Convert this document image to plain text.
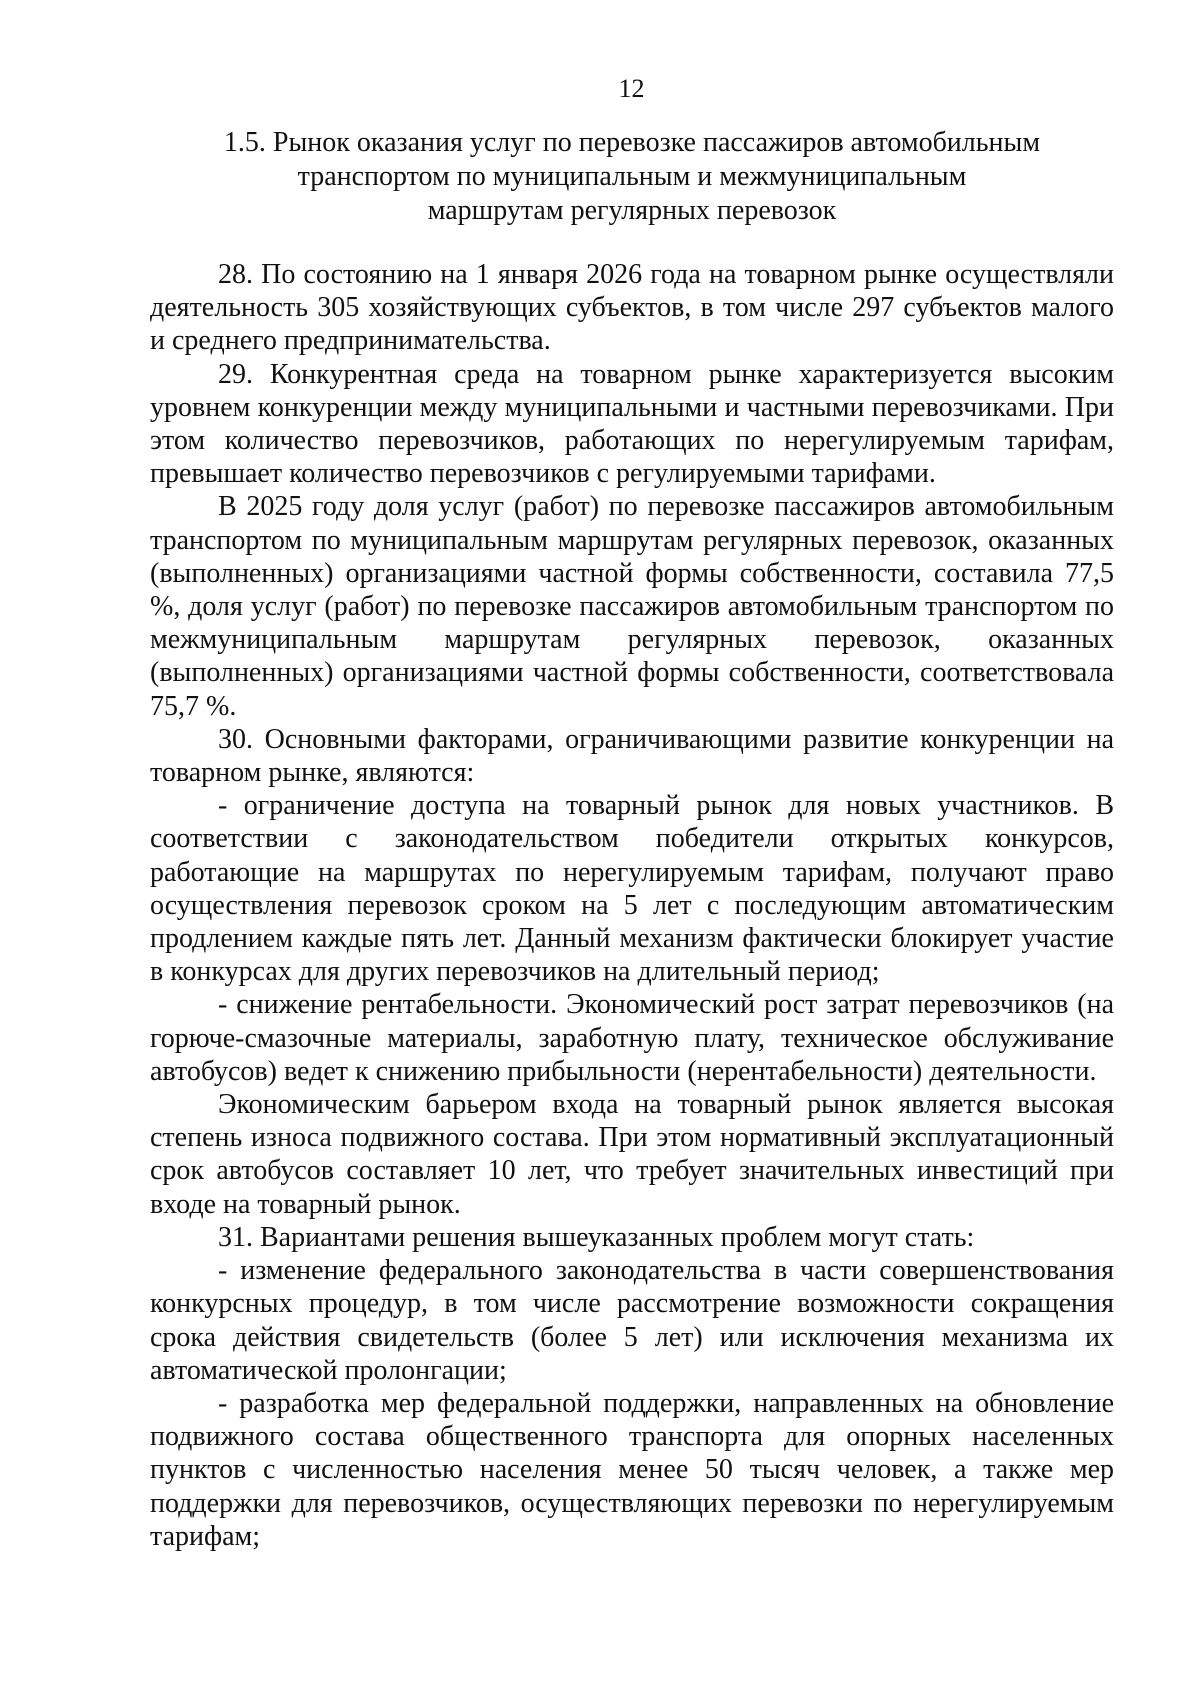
12
1.5. Рынок оказания услуг по перевозке пассажиров автомобильным
транспортом по муниципальным и межмуниципальным
маршрутам регулярных перевозок

28. По состоянию на 1 января 2026 года на товарном рынке осуществляли деятельность 305 хозяйствующих субъектов, в том числе 297 субъектов малого и среднего предпринимательства.

29. Конкурентная среда на товарном рынке характеризуется высоким уровнем конкуренции между муниципальными и частными перевозчиками. При этом количество перевозчиков, работающих по нерегулируемым тарифам, превышает количество перевозчиков с регулируемыми тарифами.

В 2025 году доля услуг (работ) по перевозке пассажиров автомобильным транспортом по муниципальным маршрутам регулярных перевозок, оказанных (выполненных) организациями частной формы собственности, составила 77,5 %, доля услуг (работ) по перевозке пассажиров автомобильным транспортом по межмуниципальным маршрутам регулярных перевозок, оказанных (выполненных) организациями частной формы собственности, соответствовала 75,7 %.

30. Основными факторами, ограничивающими развитие конкуренции на товарном рынке, являются:

- ограничение доступа на товарный рынок для новых участников. В соответствии с законодательством победители открытых конкурсов, работающие на маршрутах по нерегулируемым тарифам, получают право осуществления перевозок сроком на 5 лет с последующим автоматическим продлением каждые пять лет. Данный механизм фактически блокирует участие в конкурсах для других перевозчиков на длительный период;

- снижение рентабельности. Экономический рост затрат перевозчиков (на горюче-смазочные материалы, заработную плату, техническое обслуживание автобусов) ведет к снижению прибыльности (нерентабельности) деятельности.

Экономическим барьером входа на товарный рынок является высокая степень износа подвижного состава. При этом нормативный эксплуатационный срок автобусов составляет 10 лет, что требует значительных инвестиций при входе на товарный рынок.

31. Вариантами решения вышеуказанных проблем могут стать:

- изменение федерального законодательства в части совершенствования конкурсных процедур, в том числе рассмотрение возможности сокращения срока действия свидетельств (более 5 лет) или исключения механизма их автоматической пролонгации;

- разработка мер федеральной поддержки, направленных на обновление подвижного состава общественного транспорта для опорных населенных пунктов с численностью населения менее 50 тысяч человек, а также мер поддержки для перевозчиков, осуществляющих перевозки по нерегулируемым тарифам;
